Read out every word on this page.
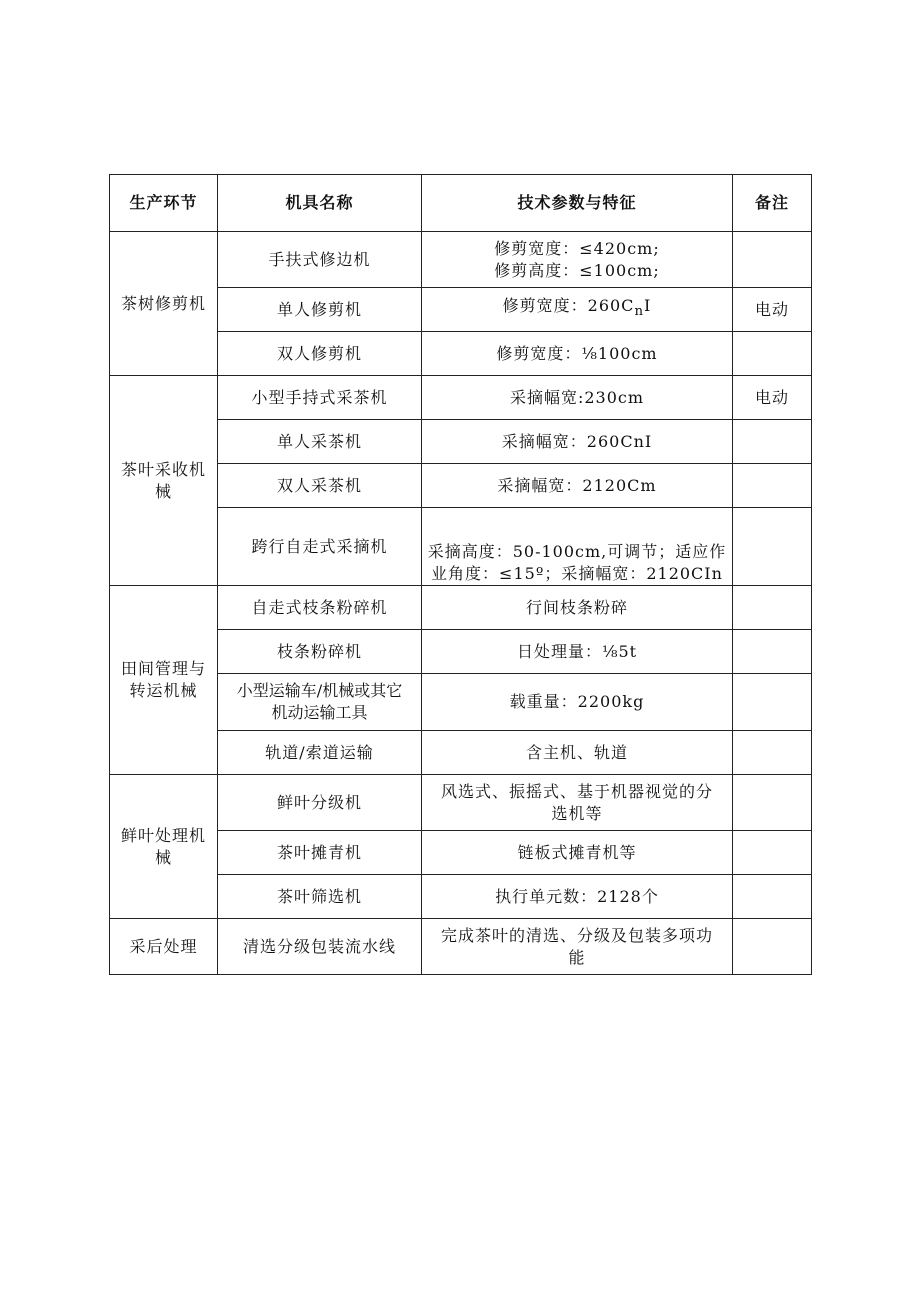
生产环节	机具名称	技术参数与特征	备注
茶树修剪机	手扶式修边机	修剪宽度：≤420cm;
修剪高度：≤100cm;	

	单人修剪机	修剪宽度：$260C_nI$	电动
	双人修剪机	修剪宽度：⅛100cm	
茶叶采收机械	小型手持式采茶机	采摘幅宽:230cm	电动
	单人采茶机	采摘幅宽：260CnI	
	双人采茶机	采摘幅宽：2120Cm	
	跨行自走式采摘机	采摘高度：50-100cm,可调节；适应作
业角度：≤15º；采摘幅宽：2120CIn	

田间管理与转运机械	自走式枝条粉碎机	行间枝条粉碎	
	枝条粉碎机	日处理量：⅛5t	

	小型运输车/机械或其它
机动运输工具	载重量：2200kg	
	轨道/索道运输	含主机、轨道	
鲜叶处理机械	鲜叶分级机	风选式、振摇式、基于机器视觉的分
选机等	

	茶叶摊青机	链板式摊青机等	
	茶叶筛选机	执行单元数：2128个	
采后处理	清选分级包装流水线	完成茶叶的清选、分级及包装多项功
能	
